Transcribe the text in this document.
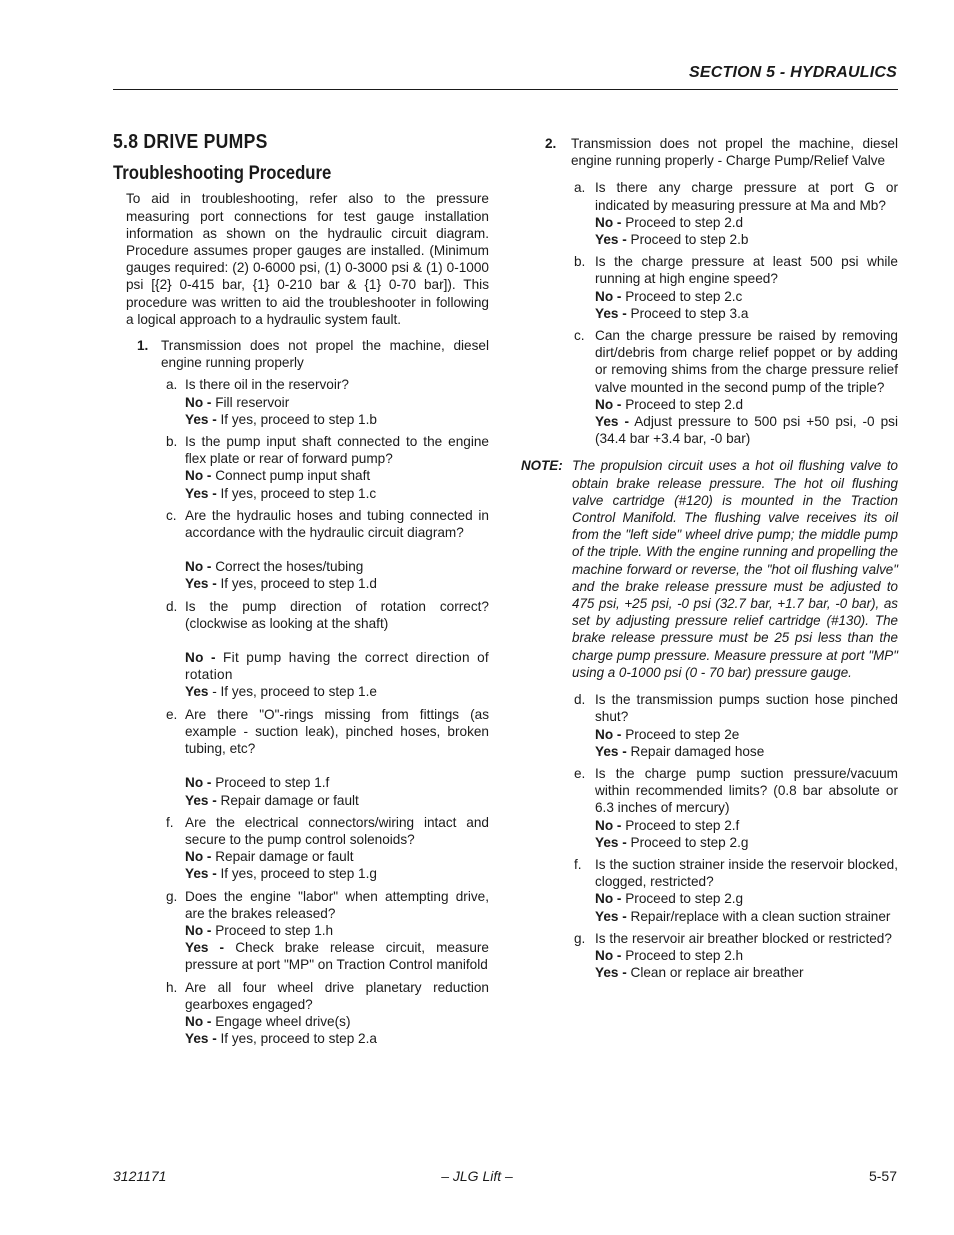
SECTION 5 - HYDRAULICS
5.8 DRIVE PUMPS
Troubleshooting Procedure
To aid in troubleshooting, refer also to the pressure measuring port connections for test gauge installation information as shown on the hydraulic circuit diagram. Procedure assumes proper gauges are installed. (Minimum gauges required: (2) 0-6000 psi, (1) 0-3000 psi & (1) 0-1000 psi [{2} 0-415 bar, {1} 0-210 bar & {1} 0-70 bar]). This procedure was written to aid the troubleshooter in following a logical approach to a hydraulic system fault.
1. Transmission does not propel the machine, diesel engine running properly
a. Is there oil in the reservoir?
No - Fill reservoir
Yes - If yes, proceed to step 1.b
b. Is the pump input shaft connected to the engine flex plate or rear of forward pump?
No - Connect pump input shaft
Yes - If yes, proceed to step 1.c
c. Are the hydraulic hoses and tubing connected in accordance with the hydraulic circuit diagram?
No - Correct the hoses/tubing
Yes - If yes, proceed to step 1.d
d. Is the pump direction of rotation correct? (clockwise as looking at the shaft)
No - Fit pump having the correct direction of rotation
Yes - If yes, proceed to step 1.e
e. Are there "O"-rings missing from fittings (as example - suction leak), pinched hoses, broken tubing, etc?
No - Proceed to step 1.f
Yes - Repair damage or fault
f. Are the electrical connectors/wiring intact and secure to the pump control solenoids?
No - Repair damage or fault
Yes - If yes, proceed to step 1.g
g. Does the engine "labor" when attempting drive, are the brakes released?
No - Proceed to step 1.h
Yes - Check brake release circuit, measure pressure at port "MP" on Traction Control manifold
h. Are all four wheel drive planetary reduction gearboxes engaged?
No - Engage wheel drive(s)
Yes - If yes, proceed to step 2.a
2. Transmission does not propel the machine, diesel engine running properly - Charge Pump/Relief Valve
a. Is there any charge pressure at port G or indicated by measuring pressure at Ma and Mb?
No - Proceed to step 2.d
Yes - Proceed to step 2.b
b. Is the charge pressure at least 500 psi while running at high engine speed?
No - Proceed to step 2.c
Yes - Proceed to step 3.a
c. Can the charge pressure be raised by removing dirt/debris from charge relief poppet or by adding or removing shims from the charge pressure relief valve mounted in the second pump of the triple?
No - Proceed to step 2.d
Yes - Adjust pressure to 500 psi +50 psi, -0 psi (34.4 bar +3.4 bar, -0 bar)
NOTE: The propulsion circuit uses a hot oil flushing valve to obtain brake release pressure. The hot oil flushing valve cartridge (#120) is mounted in the Traction Control Manifold. The flushing valve receives its oil from the "left side" wheel drive pump; the middle pump of the triple. With the engine running and propelling the machine forward or reverse, the "hot oil flushing valve" and the brake release pressure must be adjusted to 475 psi, +25 psi, -0 psi (32.7 bar, +1.7 bar, -0 bar), as set by adjusting pressure relief cartridge (#130). The brake release pressure must be 25 psi less than the charge pump pressure. Measure pressure at port "MP" using a 0-1000 psi (0 - 70 bar) pressure gauge.
d. Is the transmission pumps suction hose pinched shut?
No - Proceed to step 2e
Yes - Repair damaged hose
e. Is the charge pump suction pressure/vacuum within recommended limits? (0.8 bar absolute or 6.3 inches of mercury)
No - Proceed to step 2.f
Yes - Proceed to step 2.g
f. Is the suction strainer inside the reservoir blocked, clogged, restricted?
No - Proceed to step 2.g
Yes - Repair/replace with a clean suction strainer
g. Is the reservoir air breather blocked or restricted?
No - Proceed to step 2.h
Yes - Clean or replace air breather
3121171	– JLG Lift –	5-57
